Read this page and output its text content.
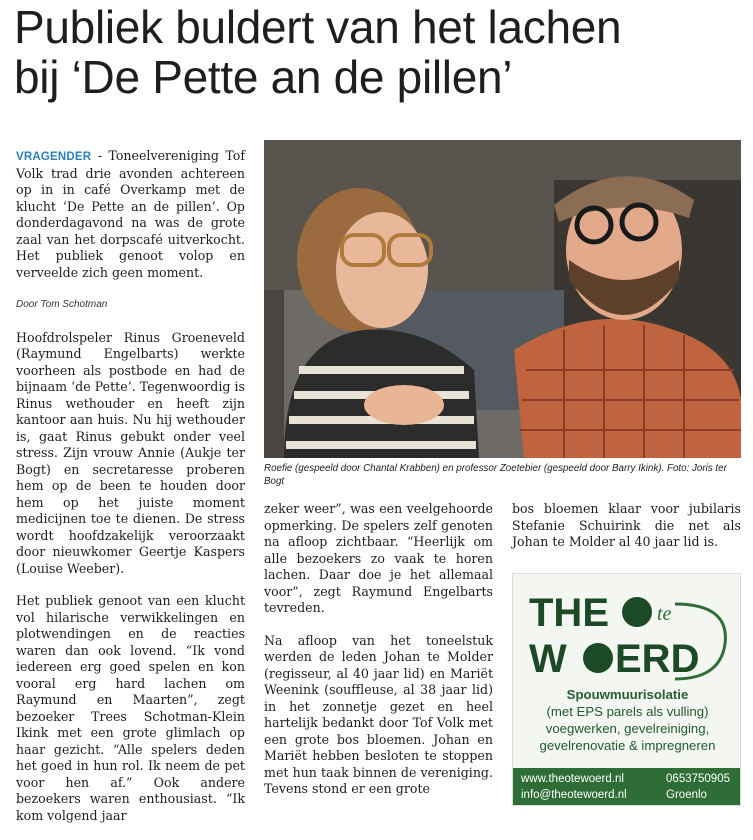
Publiek buldert van het lachen
bij ‘De Pette an de pillen’

VRAGENDER - Toneelvereniging Tof Volk trad drie avonden achtereen op in in café Overkamp met de klucht ‘De Pette an de pillen’. Op donderdagavond na was de grote zaal van het dorpscafé uitverkocht. Het publiek genoot volop en verveelde zich geen moment.

Door Tom Schotman

Hoofdrolspeler Rinus Groeneveld (Raymund Engelbarts) werkte voorheen als postbode en had de bijnaam ‘de Pette’. Tegenwoordig is Rinus wethouder en heeft zijn kantoor aan huis. Nu hij wethouder is, gaat Rinus gebukt onder veel stress. Zijn vrouw Annie (Aukje ter Bogt) en secretaresse proberen hem op de been te houden door hem op het juiste moment medicijnen toe te dienen. De stress wordt hoofdzakelijk veroorzaakt door nieuwkomer Geertje Kaspers (Louise Weeber).

Het publiek genoot van een klucht vol hilarische verwikkelingen en plotwendingen en de reacties waren dan ook lovend. “Ik vond iedereen erg goed spelen en kon vooral erg hard lachen om Raymund en Maarten”, zegt bezoeker Trees Schotman-Klein Ikink met een grote glimlach op haar gezicht. “Alle spelers deden het goed in hun rol. Ik neem de pet voor hen af.” Ook andere bezoekers waren enthousiast. “Ik kom volgend jaar

Roefie (gespeeld door Chantal Krabben) en professor Zoetebier (gespeeld door Barry Ikink). Foto: Joris ter Bogt

zeker weer”, was een veelgehoorde opmerking. De spelers zelf genoten na afloop zichtbaar. “Heerlijk om alle bezoekers zo vaak te horen lachen. Daar doe je het allemaal voor”, zegt Raymund Engelbarts tevreden.

Na afloop van het toneelstuk werden de leden Johan te Molder (regisseur, al 40 jaar lid) en Mariët Weenink (souffleuse, al 38 jaar lid) in het zonnetje gezet en heel hartelijk bedankt door Tof Volk met een grote bos bloemen. Johan en Mariët hebben besloten te stoppen met hun taak binnen de vereniging. Tevens stond er een grote

bos bloemen klaar voor jubilaris Stefanie Schuirink die net als Johan te Molder al 40 jaar lid is.

THE te
W ERD
Spouwmuurisolatie
(met EPS parels als vulling)
voegwerken, gevelreiniging,
gevelrenovatie & impregneren
www.theotewoerd.nl
info@theotewoerd.nl
0653750905
Groenlo
